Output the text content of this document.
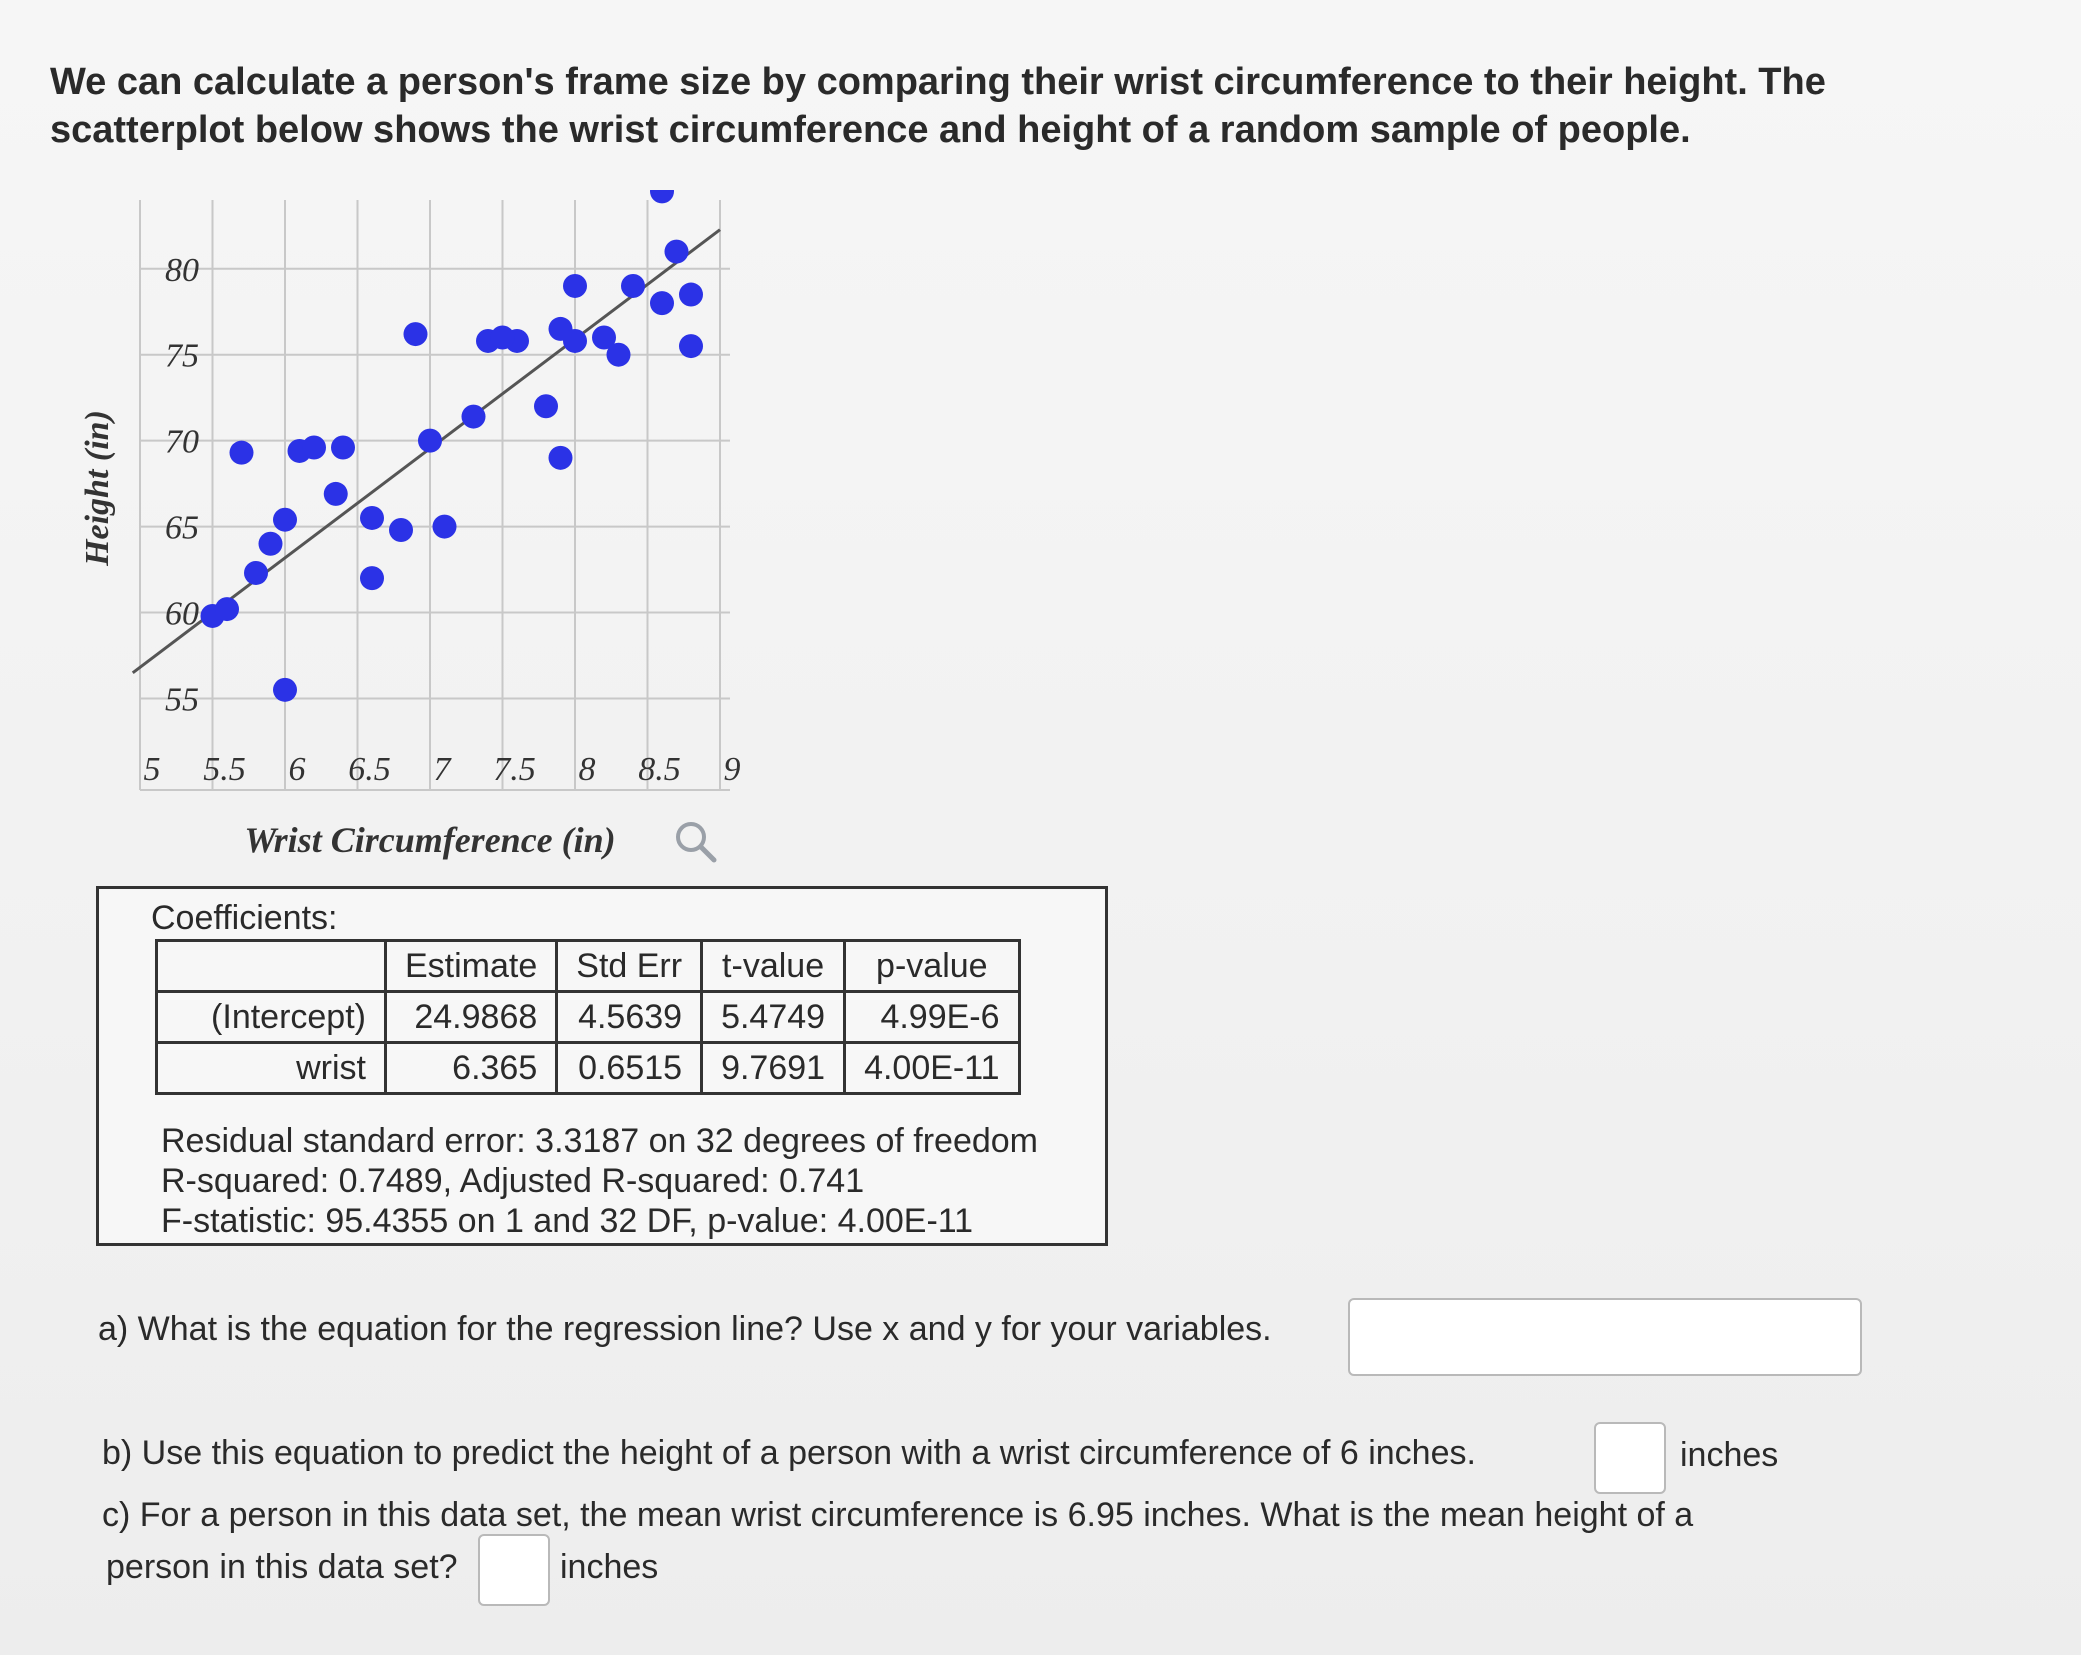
We can calculate a person's frame size by comparing their wrist circumference to their height. The scatterplot below shows the wrist circumference and height of a random sample of people.
55
60
65
70
75
80
5 5.5 6 6.5 7 7.5 8 8.5 9
Height (in)
Wrist Circumference (in)
Coefficients:
	Estimate	Std Err	t-value	p-value
(Intercept)	24.9868	4.5639	5.4749	4.99E-6
wrist	6.365	0.6515	9.7691	4.00E-11
Residual standard error: 3.3187 on 32 degrees of freedom
R-squared: 0.7489, Adjusted R-squared: 0.741
F-statistic: 95.4355 on 1 and 32 DF, p-value: 4.00E-11
a) What is the equation for the regression line? Use x and y for your variables.
b) Use this equation to predict the height of a person with a wrist circumference of 6 inches.	inches
c) For a person in this data set, the mean wrist circumference is 6.95 inches. What is the mean height of a
person in this data set?	inches
